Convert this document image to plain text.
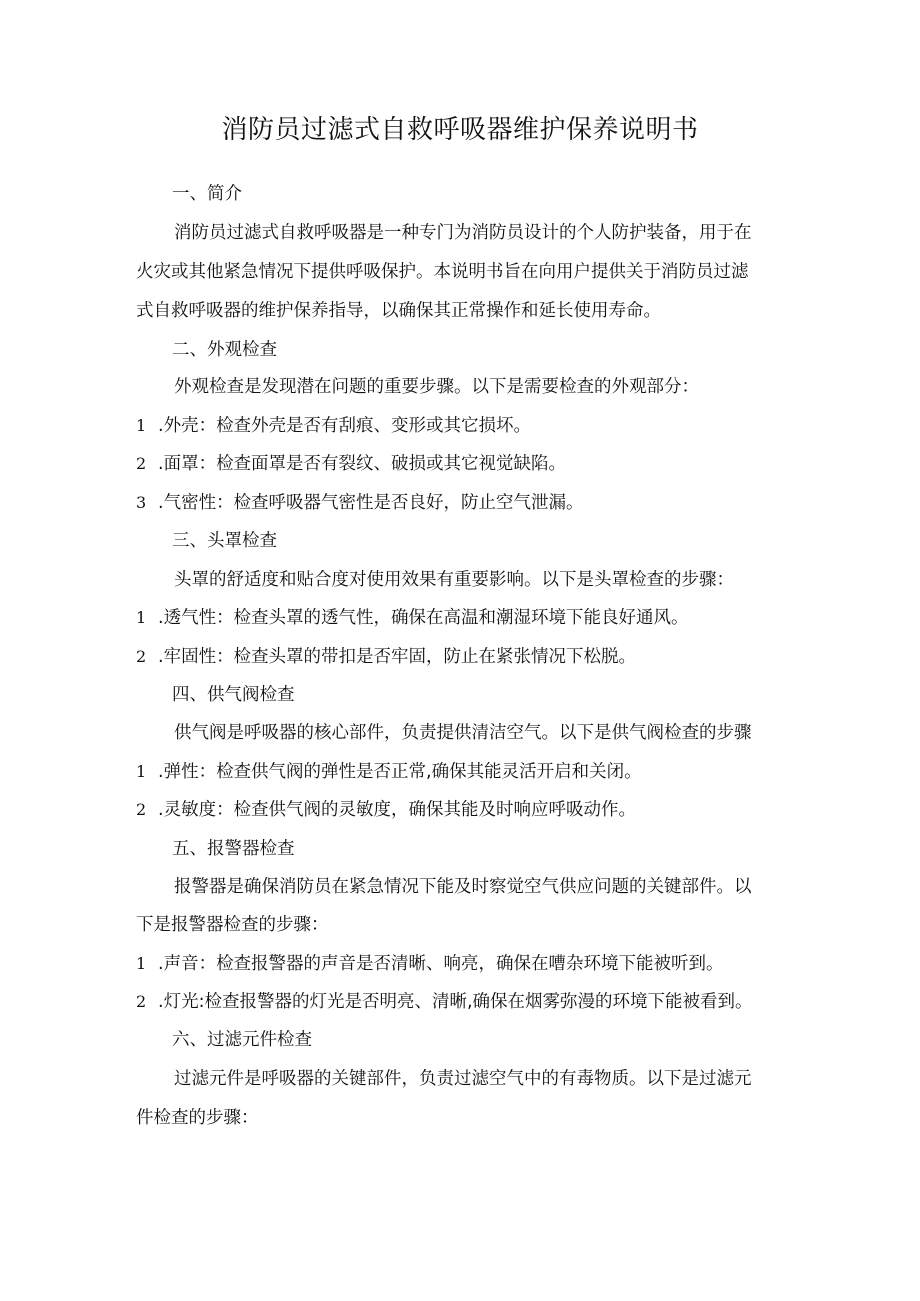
消防员过滤式自救呼吸器维护保养说明书
一、简介
消防员过滤式自救呼吸器是一种专门为消防员设计的个人防护装备，用于在
火灾或其他紧急情况下提供呼吸保护。本说明书旨在向用户提供关于消防员过滤
式自救呼吸器的维护保养指导，以确保其正常操作和延长使用寿命。
二、外观检查
外观检查是发现潜在问题的重要步骤。以下是需要检查的外观部分：
1 .外壳：检查外壳是否有刮痕、变形或其它损坏。
2 .面罩：检查面罩是否有裂纹、破损或其它视觉缺陷。
3 .气密性：检查呼吸器气密性是否良好，防止空气泄漏。
三、头罩检查
头罩的舒适度和贴合度对使用效果有重要影响。以下是头罩检查的步骤：
1 .透气性：检查头罩的透气性，确保在高温和潮湿环境下能良好通风。
2 .牢固性：检查头罩的带扣是否牢固，防止在紧张情况下松脱。
四、供气阀检查
供气阀是呼吸器的核心部件，负责提供清洁空气。以下是供气阀检查的步骤
1 .弹性：检查供气阀的弹性是否正常,确保其能灵活开启和关闭。
2 .灵敏度：检查供气阀的灵敏度，确保其能及时响应呼吸动作。
五、报警器检查
报警器是确保消防员在紧急情况下能及时察觉空气供应问题的关键部件。以
下是报警器检查的步骤：
1 .声音：检查报警器的声音是否清晰、响亮，确保在嘈杂环境下能被听到。
2 .灯光:检查报警器的灯光是否明亮、清晰,确保在烟雾弥漫的环境下能被看到。
六、过滤元件检查
过滤元件是呼吸器的关键部件，负责过滤空气中的有毒物质。以下是过滤元
件检查的步骤：
